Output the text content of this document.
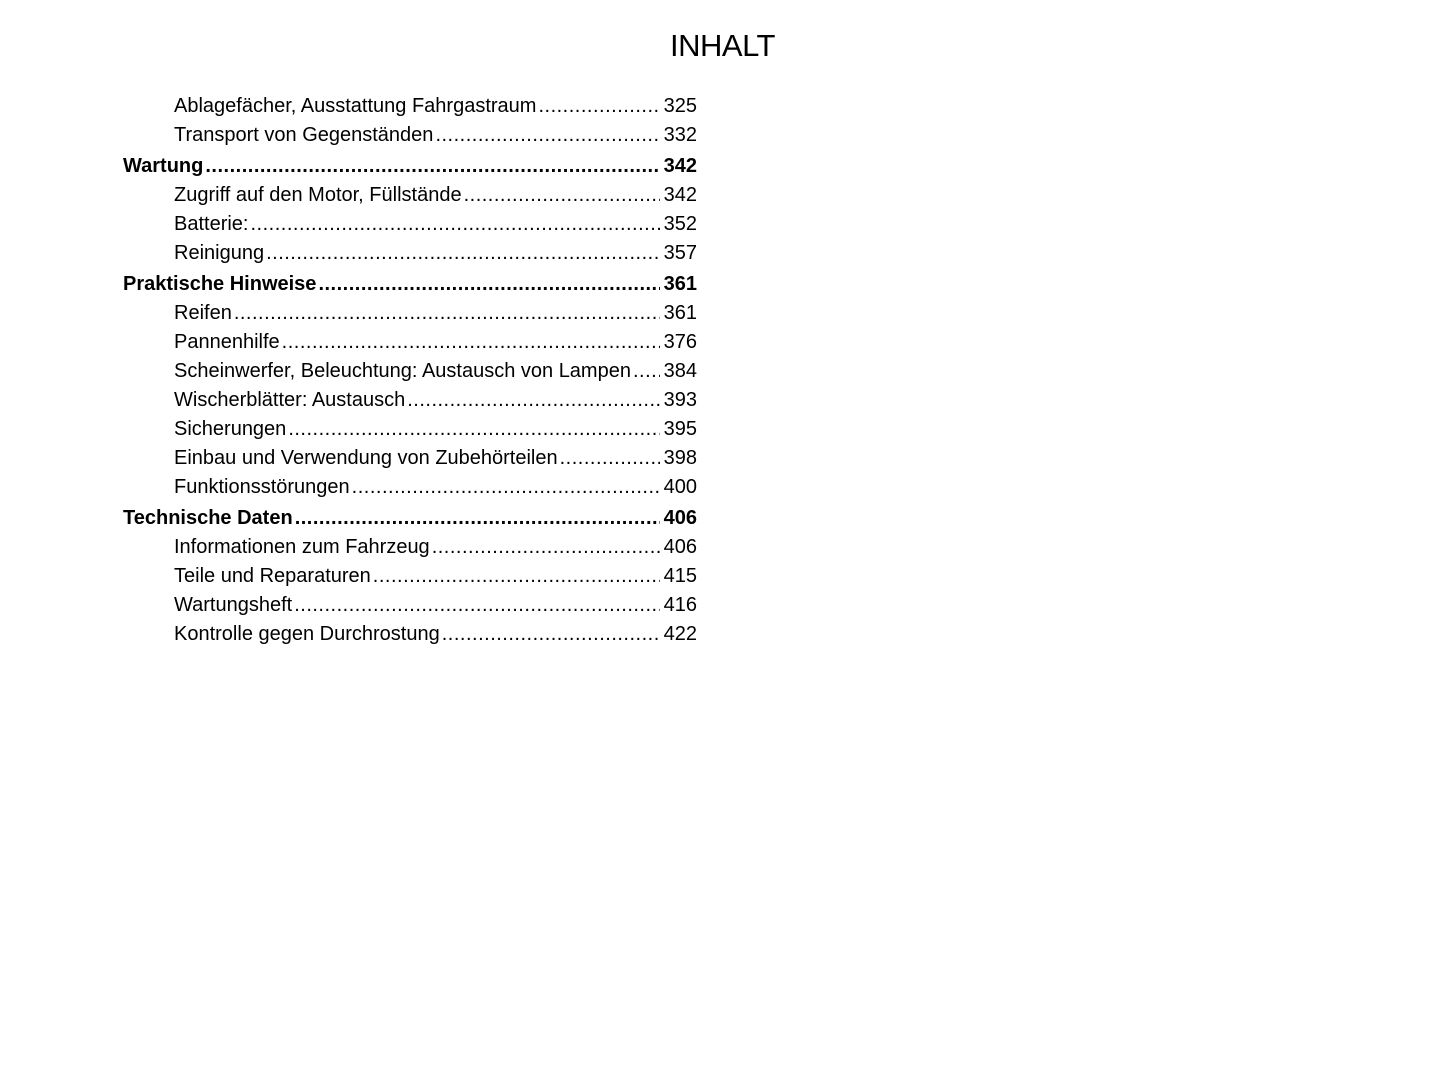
INHALT
Ablagefächer, Ausstattung Fahrgastraum .....	325
Transport von Gegenständen .....	332
Wartung .....	342
Zugriff auf den Motor, Füllstände .....	342
Batterie: .....	352
Reinigung .....	357
Praktische Hinweise .....	361
Reifen .....	361
Pannenhilfe .....	376
Scheinwerfer, Beleuchtung: Austausch von Lampen ..... 384
Wischerblätter: Austausch .....	393
Sicherungen .....	395
Einbau und Verwendung von Zubehörteilen .....	398
Funktionsstörungen .....	400
Technische Daten .....	406
Informationen zum Fahrzeug .....	406
Teile und Reparaturen .....	415
Wartungsheft .....	416
Kontrolle gegen Durchrostung .....	422
